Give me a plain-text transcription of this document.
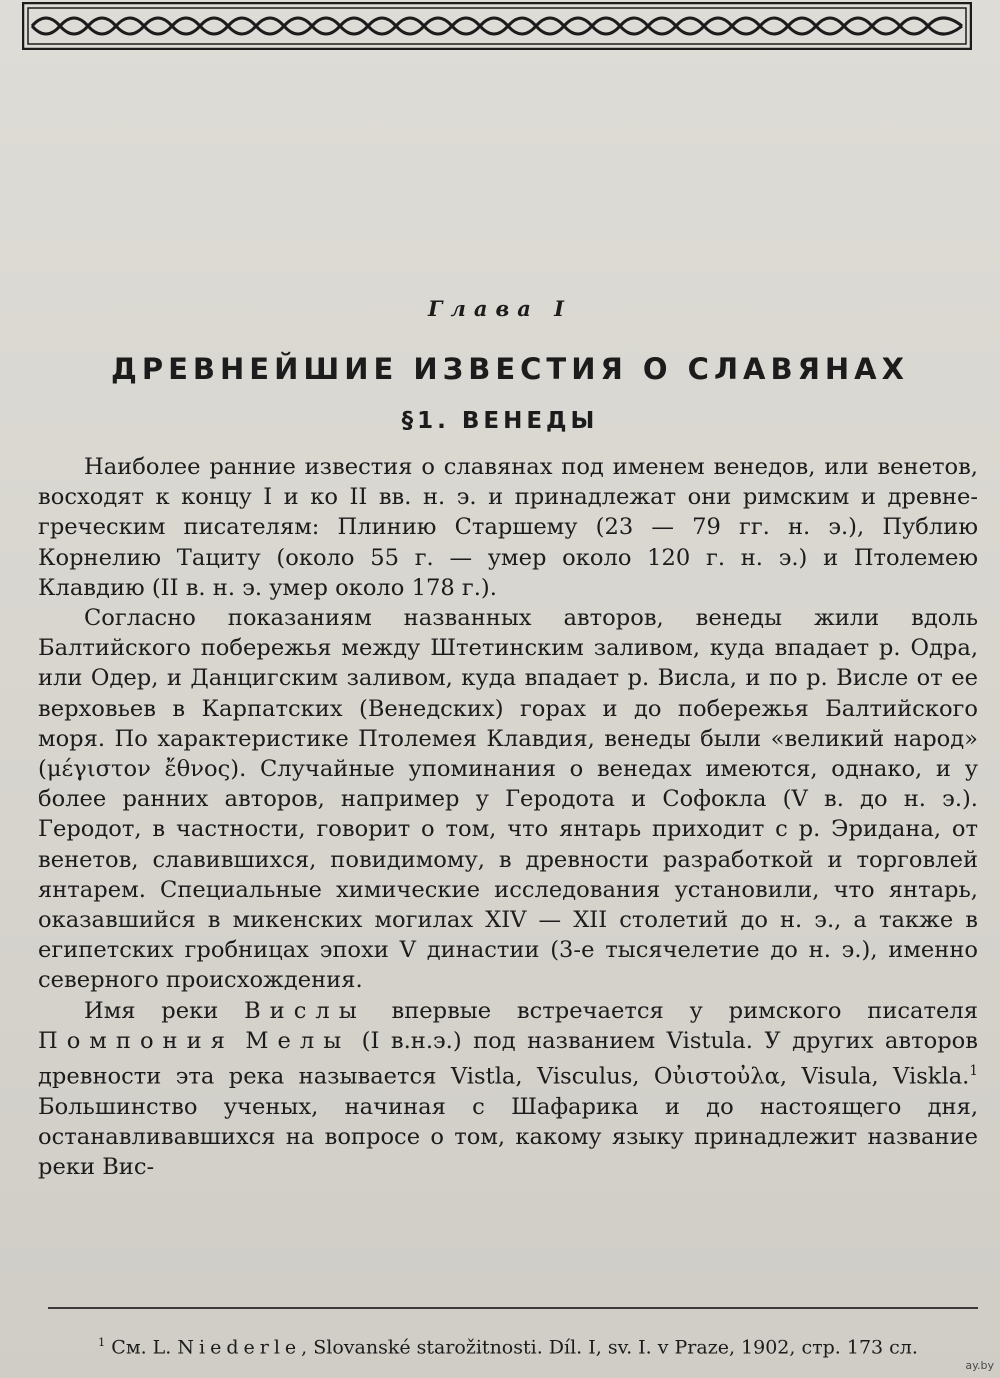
Глава I
ДРЕВНЕЙШИЕ ИЗВЕСТИЯ О СЛАВЯНАХ
§1. ВЕНЕДЫ

Наиболее ранние известия о славянах под именем венедов, или венетов, восходят к концу I и ко II вв. н. э. и принадлежат они римским и древне-греческим писателям: Плинию Старшему (23 — 79 гг. н. э.), Публию Корнелию Тациту (около 55 г. — умер около 120 г. н. э.) и Птолемею Клавдию (II в. н. э. умер около 178 г.).

Согласно показаниям названных авторов, венеды жили вдоль Балтийского побережья между Штетинским заливом, куда впадает р. Одра, или Одер, и Данцигским заливом, куда впадает р. Висла, и по р. Висле от ее верховьев в Карпатских (Венедских) горах и до побережья Балтийского моря. По характеристике Птолемея Клавдия, венеды были «великий народ» (μέγιστον ἔθνος). Случайные упоминания о венедах имеются, однако, и у более ранних авторов, например у Геродота и Софокла (V в. до н. э.). Геродот, в частности, говорит о том, что янтарь приходит с р. Эридана, от венетов, славившихся, повидимому, в древности разработкой и торговлей янтарем. Специальные химические исследования установили, что янтарь, оказавшийся в микенских могилах XIV — XII столетий до н. э., а также в египетских гробницах эпохи V династии (3-е тысячелетие до н. э.), именно северного происхождения.

Имя реки Вислы впервые встречается у римского писателя Помпония Мелы (I в.н.э.) под названием Vistula. У других авторов древности эта река называется Vistla, Visculus, Οὐιστοὐλα, Visula, Viskla.$^1$ Большинство ученых, начиная с Шафарика и до настоящего дня, останавливавшихся на вопросе о том, какому языку принадлежит название реки Вис-

$^1$ См. L. Niederle, Slovanské starožitnosti. Díl. I, sv. I. v Praze, 1902, стр. 173 сл.

ay.by
